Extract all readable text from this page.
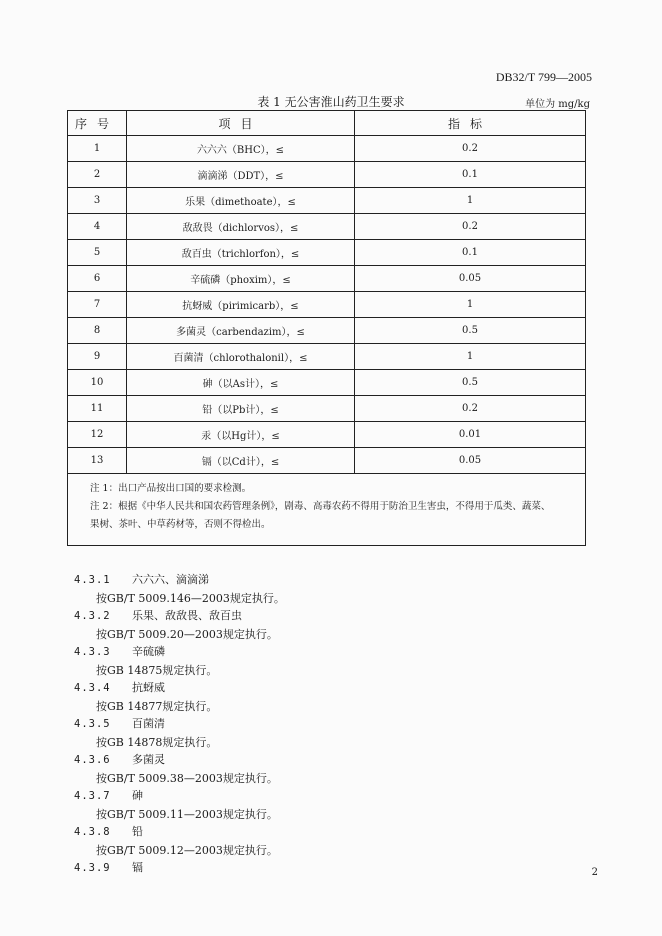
DB32/T 799—2005
表 1 无公害淮山药卫生要求	单位为 mg/kg
序号	项目	指标
1	六六六（BHC），≤	0.2
2	滴滴涕（DDT），≤	0.1
3	乐果（dimethoate），≤	1
4	敌敌畏（dichlorvos），≤	0.2
5	敌百虫（trichlorfon），≤	0.1
6	辛硫磷（phoxim），≤	0.05
7	抗蚜威（pirimicarb），≤	1
8	多菌灵（carbendazim），≤	0.5
9	百菌清（chlorothalonil），≤	1
10	砷（以As计），≤	0.5
11	铅（以Pb计），≤	0.2
12	汞（以Hg计），≤	0.01
13	镉（以Cd计），≤	0.05

注 1：出口产品按出口国的要求检测。
注 2：根据《中华人民共和国农药管理条例》，剧毒、高毒农药不得用于防治卫生害虫，不得用于瓜类、蔬菜、
果树、茶叶、中草药材等，否则不得检出。		
4.3.1 六六六、滴滴涕
按GB/T 5009.146—2003规定执行。
4.3.2 乐果、敌敌畏、敌百虫
按GB/T 5009.20—2003规定执行。
4.3.3 辛硫磷
按GB 14875规定执行。
4.3.4 抗蚜威
按GB 14877规定执行。
4.3.5 百菌清
按GB 14878规定执行。
4.3.6 多菌灵
按GB/T 5009.38—2003规定执行。
4.3.7 砷
按GB/T 5009.11—2003规定执行。
4.3.8 铅
按GB/T 5009.12—2003规定执行。
4.3.9 镉	2
